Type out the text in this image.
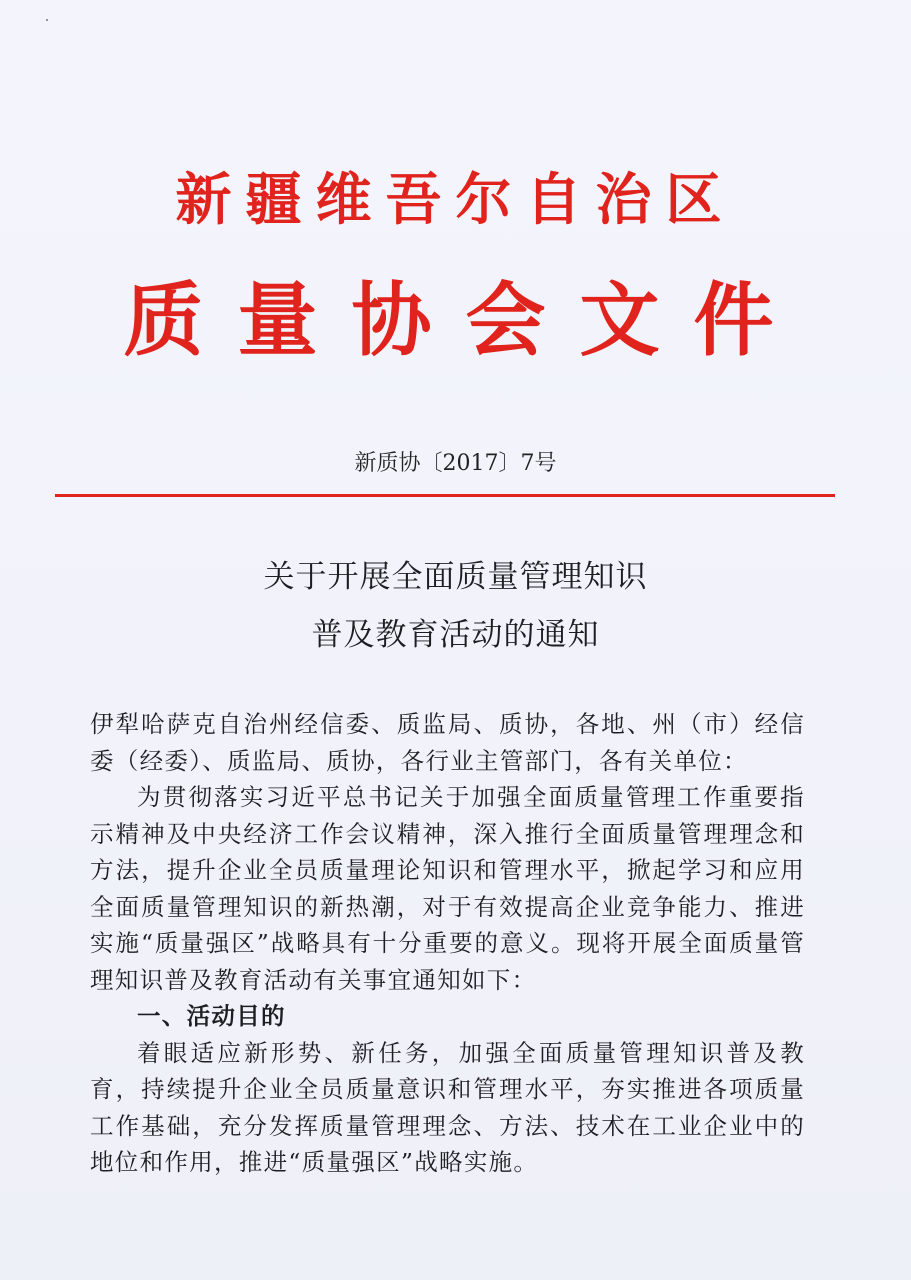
新疆维吾尔自治区
质量协会文件
新质协〔2017〕7号
关于开展全面质量管理知识
普及教育活动的通知

伊犁哈萨克自治州经信委、质监局、质协，各地、州（市）经信委（经委）、质监局、质协，各行业主管部门，各有关单位：

为贯彻落实习近平总书记关于加强全面质量管理工作重要指示精神及中央经济工作会议精神，深入推行全面质量管理理念和方法，提升企业全员质量理论知识和管理水平，掀起学习和应用全面质量管理知识的新热潮，对于有效提高企业竞争能力、推进实施“质量强区”战略具有十分重要的意义。现将开展全面质量管理知识普及教育活动有关事宜通知如下：

一、活动目的

着眼适应新形势、新任务，加强全面质量管理知识普及教育，持续提升企业全员质量意识和管理水平，夯实推进各项质量工作基础，充分发挥质量管理理念、方法、技术在工业企业中的地位和作用，推进“质量强区”战略实施。
